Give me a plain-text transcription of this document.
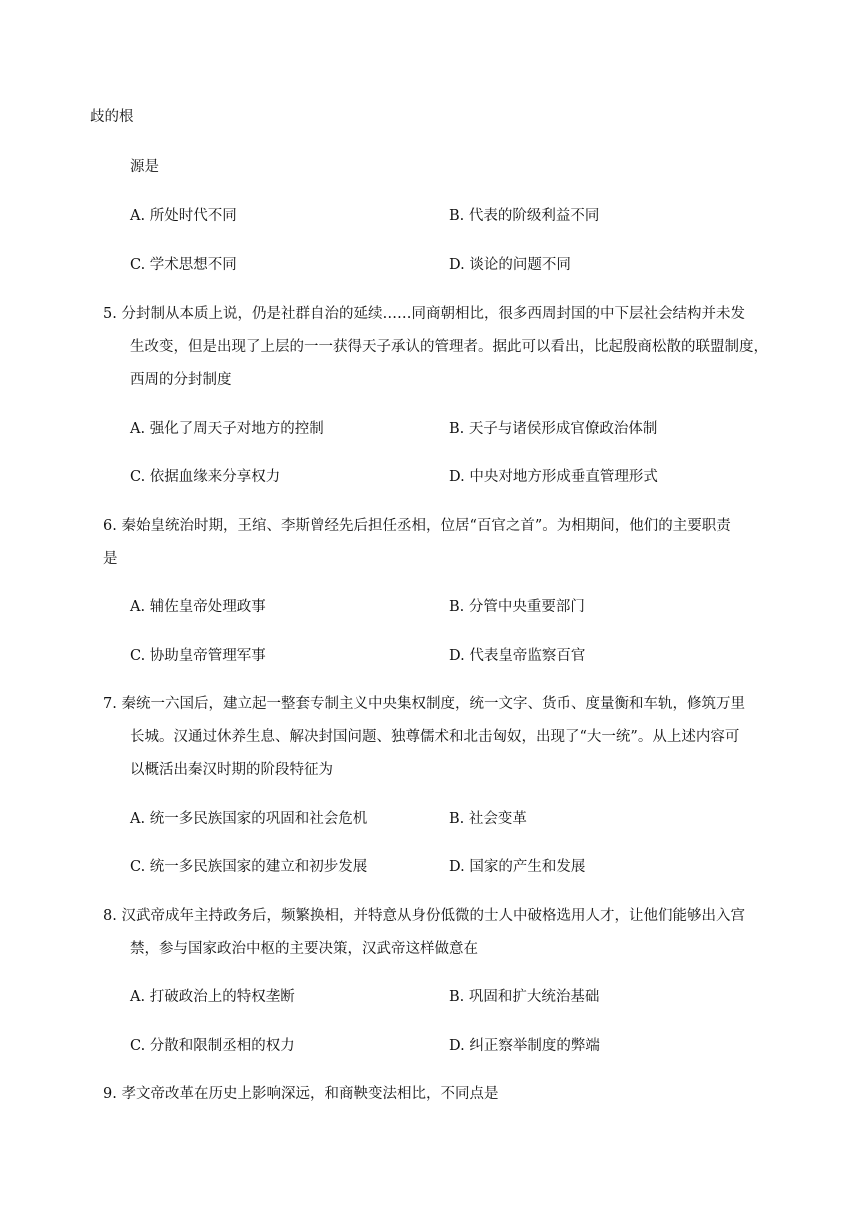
歧的根
源是
A. 所处时代不同	B. 代表的阶级利益不同
C. 学术思想不同	D. 谈论的问题不同
5. 分封制从本质上说，仍是社群自治的延续……同商朝相比，很多西周封国的中下层社会结构并未发
生改变，但是出现了上层的一一获得天子承认的管理者。据此可以看出，比起殷商松散的联盟制度，
西周的分封制度
A. 强化了周天子对地方的控制	B. 天子与诸侯形成官僚政治体制
C. 依据血缘来分享权力	D. 中央对地方形成垂直管理形式
6. 秦始皇统治时期，王绾、李斯曾经先后担任丞相，位居“百官之首”。为相期间，他们的主要职责
是
A. 辅佐皇帝处理政事	B. 分管中央重要部门
C. 协助皇帝管理军事	D. 代表皇帝监察百官
7. 秦统一六国后，建立起一整套专制主义中央集权制度，统一文字、货币、度量衡和车轨，修筑万里
长城。汉通过休养生息、解决封国问题、独尊儒术和北击匈奴，出现了“大一统”。从上述内容可
以概活出秦汉时期的阶段特征为
A. 统一多民族国家的巩固和社会危机	B. 社会变革
C. 统一多民族国家的建立和初步发展	D. 国家的产生和发展
8. 汉武帝成年主持政务后，频繁换相，并特意从身份低微的士人中破格选用人才，让他们能够出入宫
禁，参与国家政治中枢的主要决策，汉武帝这样做意在
A. 打破政治上的特权垄断	B. 巩固和扩大统治基础
C. 分散和限制丞相的权力	D. 纠正察举制度的弊端
9. 孝文帝改革在历史上影响深远，和商鞅变法相比，不同点是
